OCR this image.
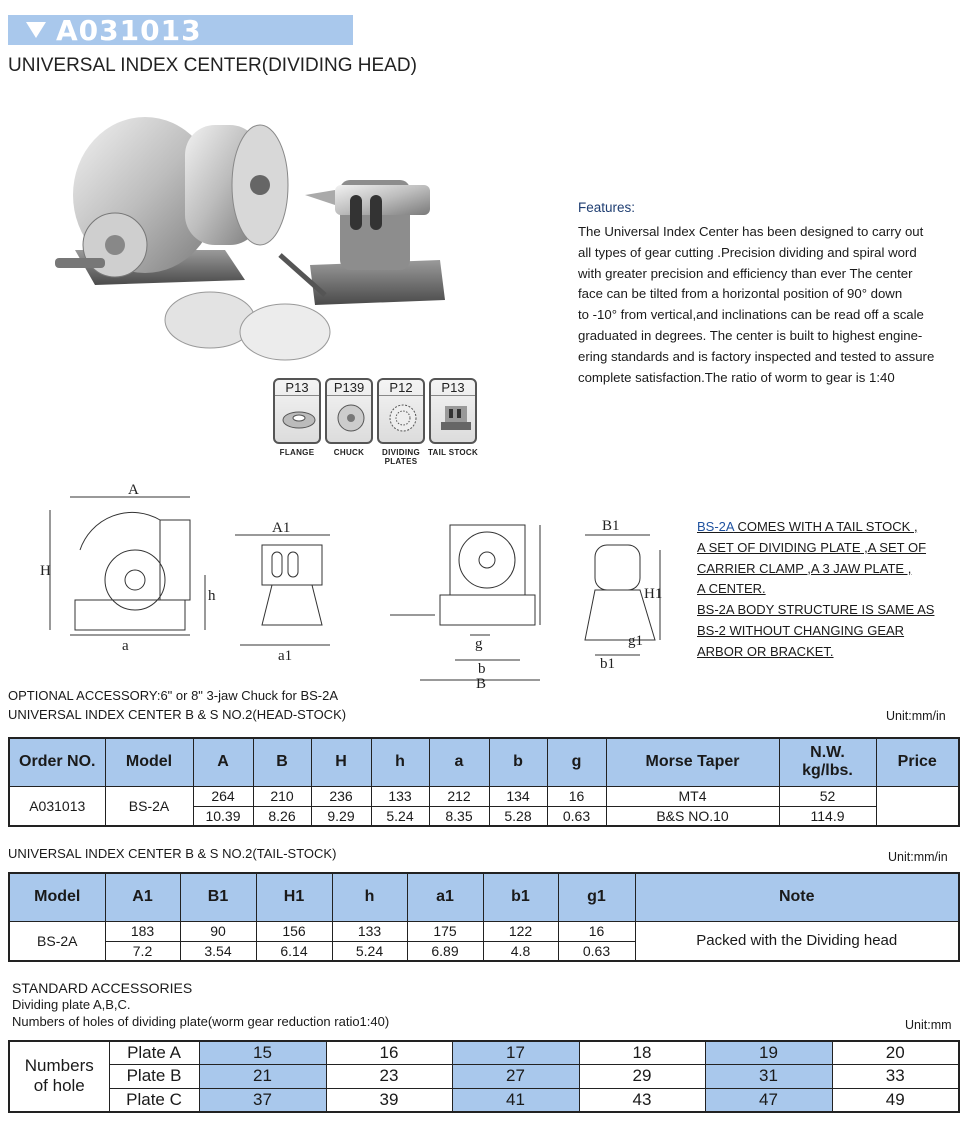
A031013
UNIVERSAL INDEX CENTER(DIVIDING HEAD)
P13
FLANGE
P139
CHUCK
P12
DIVIDING PLATES
P13
TAIL STOCK
Features:
The Universal Index Center has been designed to carry out
all types of gear cutting .Precision dividing and spiral word
with greater precision and efficiency than ever The center
face can be tilted from a horizontal position of 90° down
to -10° from vertical,and inclinations can be read off a scale
graduated in degrees. The center is built to highest engine-
ering standards and is factory inspected and tested to assure
complete satisfaction.The ratio of worm to gear is 1:40
A
H
h
a
A1
a1
g
b
B
B1
H1
g1
b1
BS-2A COMES WITH A TAIL STOCK ,
A SET OF DIVIDING PLATE ,A SET OF
CARRIER CLAMP ,A 3 JAW PLATE ,
A CENTER.
BS-2A BODY STRUCTURE IS SAME AS
BS-2 WITHOUT CHANGING GEAR
ARBOR OR BRACKET.
OPTIONAL ACCESSORY:6" or 8" 3-jaw Chuck for BS-2A
UNIVERSAL INDEX CENTER B & S NO.2(HEAD-STOCK)	Unit:mm/in
Order NO.	Model	A	B	H	h	a	b	g	Morse Taper	N.W.
kg/lbs.	Price
A031013	BS-2A	264	210	236	133	212	134	16	MT4	52	
		10.39	8.26	9.29	5.24	8.35	5.28	0.63	B&S NO.10	114.9	
UNIVERSAL INDEX CENTER B & S NO.2(TAIL-STOCK)	Unit:mm/in
Model	A1	B1	H1	h	a1	b1	g1	Note
BS-2A	183	90	156	133	175	122	16	Packed with the Dividing head
	7.2	3.54	6.14	5.24	6.89	4.8	0.63	
STANDARD ACCESSORIES
Dividing plate A,B,C.
Numbers of holes of dividing plate(worm gear reduction ratio1:40)	Unit:mm
Numbers
of hole	Plate A	15	16	17	18	19	20
	Plate B	21	23	27	29	31	33
	Plate C	37	39	41	43	47	49
